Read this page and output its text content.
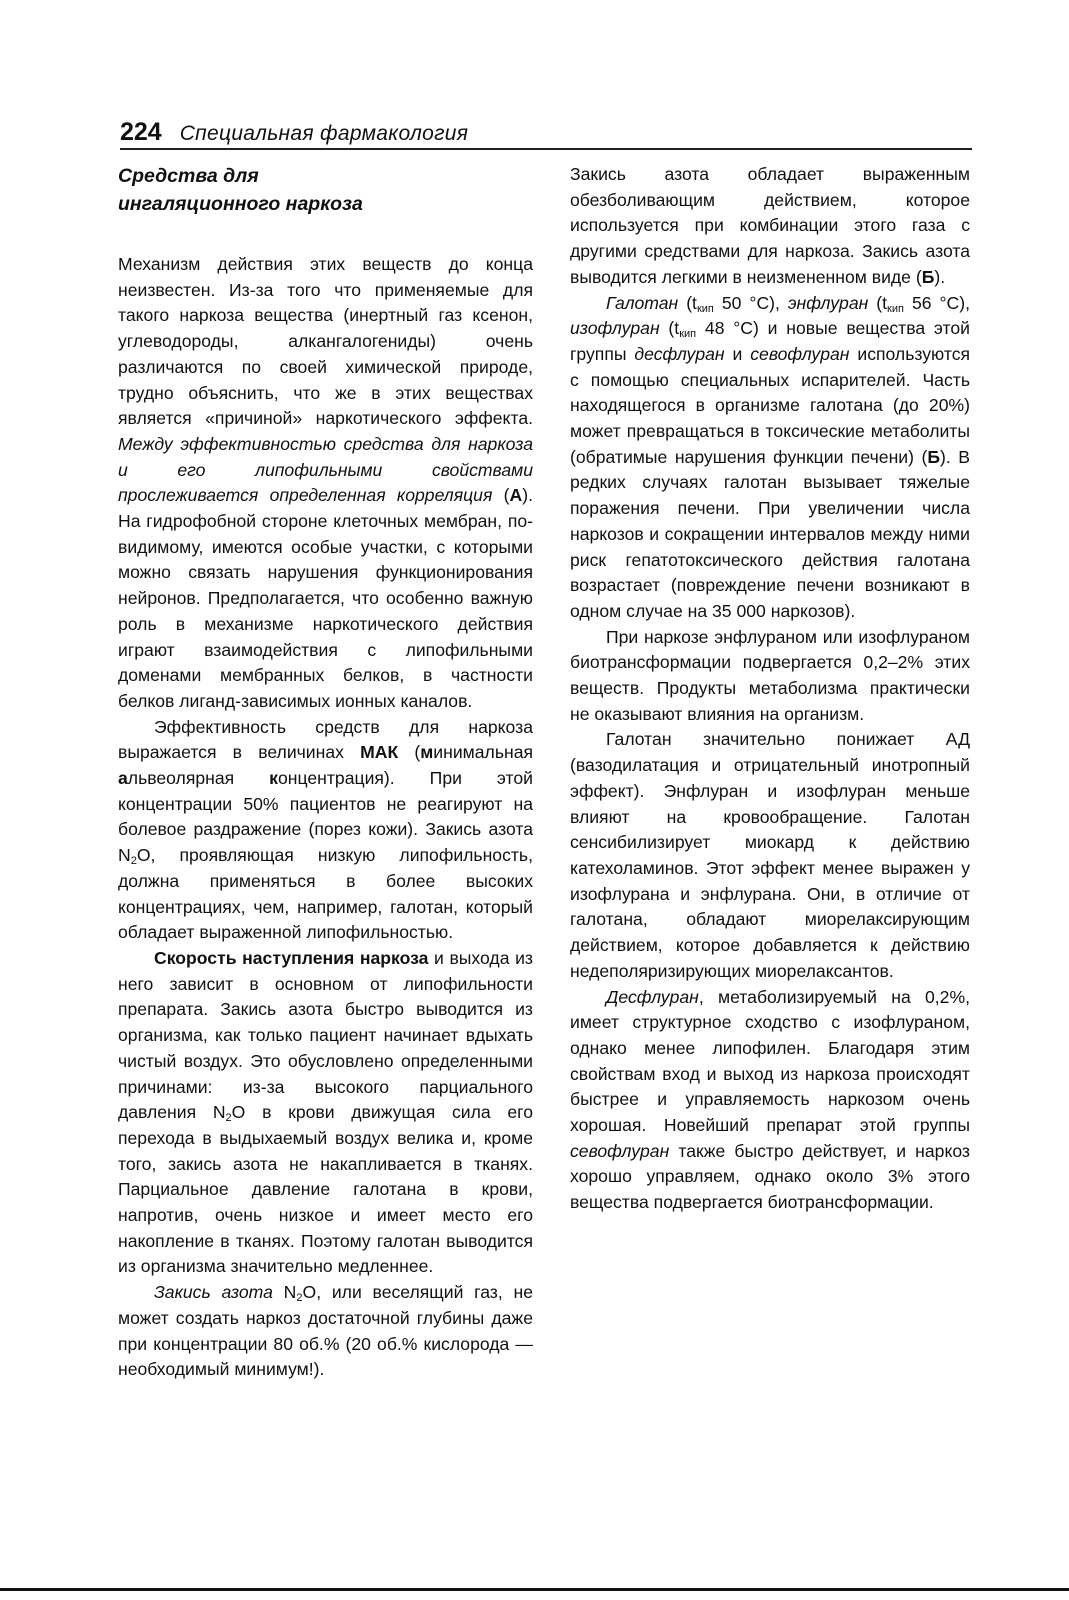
224 Специальная фармакология
Средства для
ингаляционного наркоза

Механизм действия этих веществ до конца неизвестен. Из-за того что применяемые для такого наркоза вещества (инертный газ ксенон, углеводороды, алкангалогениды) очень различаются по своей химической природе, трудно объяснить, что же в этих веществах является «причиной» наркотического эффекта. Между эффективностью средства для наркоза и его липофильными свойствами прослеживается определенная корреляция (А). На гидрофобной стороне клеточных мембран, по-видимому, имеются особые участки, с которыми можно связать нарушения функционирования нейронов. Предполагается, что особенно важную роль в механизме наркотического действия играют взаимодействия с липофильными доменами мембранных белков, в частности белков лиганд-зависимых ионных каналов.

Эффективность средств для наркоза выражается в величинах МАК (минимальная альвеолярная концентрация). При этой концентрации 50% пациентов не реагируют на болевое раздражение (порез кожи). Закись азота $N_2O$, проявляющая низкую липофильность, должна применяться в более высоких концентрациях, чем, например, галотан, который обладает выраженной липофильностью.

Скорость наступления наркоза и выхода из него зависит в основном от липофильности препарата. Закись азота быстро выводится из организма, как только пациент начинает вдыхать чистый воздух. Это обусловлено определенными причинами: из-за высокого парциального давления $N_2O$ в крови движущая сила его перехода в выдыхаемый воздух велика и, кроме того, закись азота не накапливается в тканях. Парциальное давление галотана в крови, напротив, очень низкое и имеет место его накопление в тканях. Поэтому галотан выводится из организма значительно медленнее.

Закись азота $N_2O$, или веселящий газ, не может создать наркоз достаточной глубины даже при концентрации 80 об.% (20 об.% кислорода — необходимый минимум!).

Закись азота обладает выраженным обезболивающим действием, которое используется при комбинации этого газа с другими средствами для наркоза. Закись азота выводится легкими в неизмененном виде (Б).

Галотан ($t_{кип}$ 50 °C), энфлуран ($t_{кип}$ 56 °C), изофлуран ($t_{кип}$ 48 °C) и новые вещества этой группы десфлуран и севофлуран используются с помощью специальных испарителей. Часть находящегося в организме галотана (до 20%) может превращаться в токсические метаболиты (обратимые нарушения функции печени) (Б). В редких случаях галотан вызывает тяжелые поражения печени. При увеличении числа наркозов и сокращении интервалов между ними риск гепатотоксического действия галотана возрастает (повреждение печени возникают в одном случае на 35 000 наркозов).

При наркозе энфлураном или изофлураном биотрансформации подвергается 0,2–2% этих веществ. Продукты метаболизма практически не оказывают влияния на организм.

Галотан значительно понижает АД (вазодилатация и отрицательный инотропный эффект). Энфлуран и изофлуран меньше влияют на кровообращение. Галотан сенсибилизирует миокард к действию катехоламинов. Этот эффект менее выражен у изофлурана и энфлурана. Они, в отличие от галотана, обладают миорелаксирующим действием, которое добавляется к действию недеполяризирующих миорелаксантов.

Десфлуран, метаболизируемый на 0,2%, имеет структурное сходство с изофлураном, однако менее липофилен. Благодаря этим свойствам вход и выход из наркоза происходят быстрее и управляемость наркозом очень хорошая. Новейший препарат этой группы севофлуран также быстро действует, и наркоз хорошо управляем, однако около 3% этого вещества подвергается биотрансформации.
